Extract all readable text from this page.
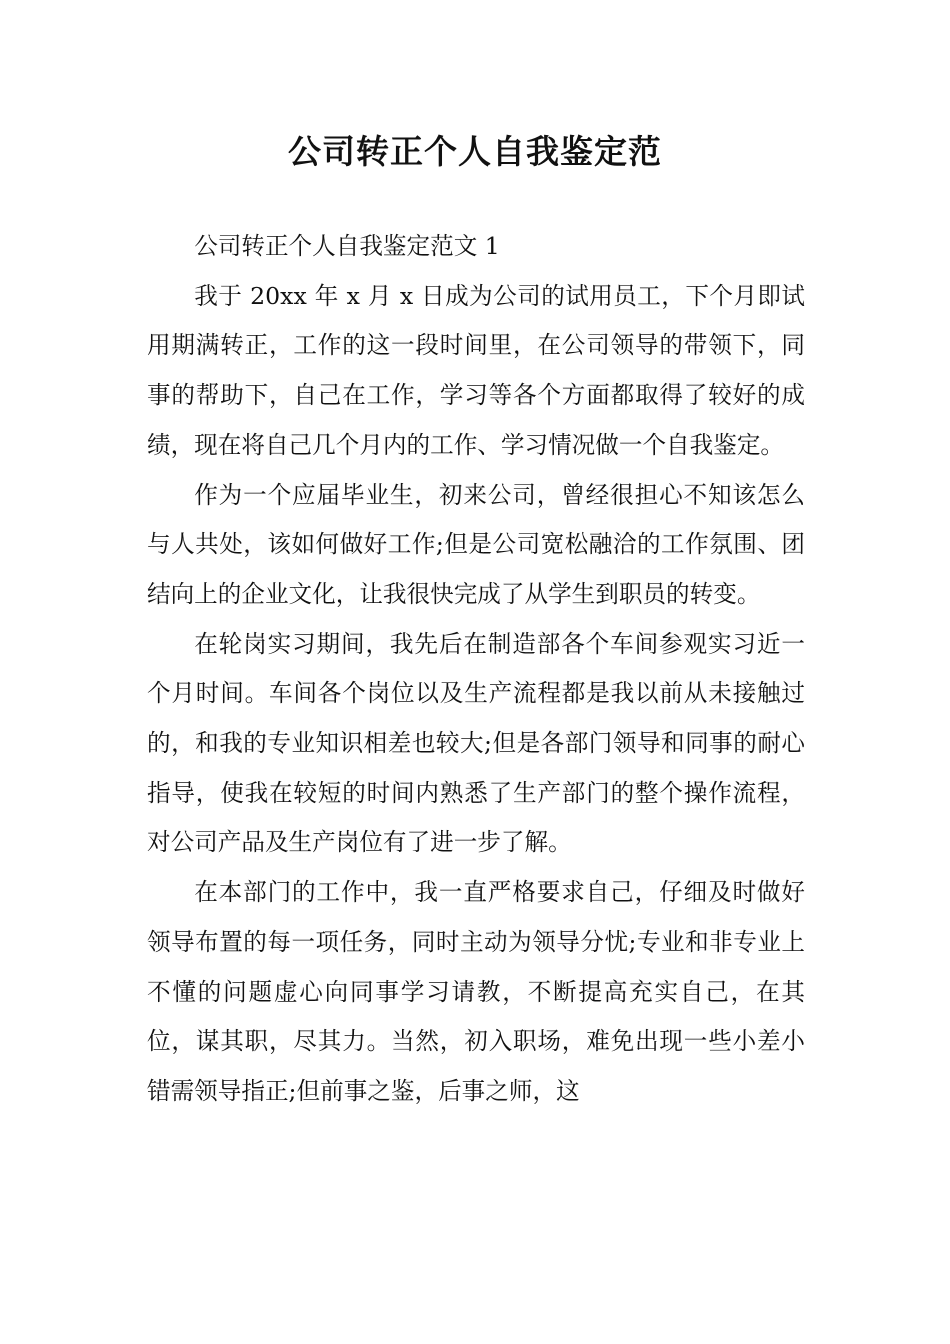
公司转正个人自我鉴定范

公司转正个人自我鉴定范文 1

我于 20xx 年 x 月 x 日成为公司的试用员工，下个月即试用期满转正，工作的这一段时间里，在公司领导的带领下，同事的帮助下，自己在工作，学习等各个方面都取得了较好的成绩，现在将自己几个月内的工作、学习情况做一个自我鉴定。

作为一个应届毕业生，初来公司，曾经很担心不知该怎么与人共处，该如何做好工作;但是公司宽松融洽的工作氛围、团结向上的企业文化，让我很快完成了从学生到职员的转变。

在轮岗实习期间，我先后在制造部各个车间参观实习近一个月时间。车间各个岗位以及生产流程都是我以前从未接触过的，和我的专业知识相差也较大;但是各部门领导和同事的耐心指导，使我在较短的时间内熟悉了生产部门的整个操作流程，对公司产品及生产岗位有了进一步了解。

在本部门的工作中，我一直严格要求自己，仔细及时做好领导布置的每一项任务，同时主动为领导分忧;专业和非专业上不懂的问题虚心向同事学习请教，不断提高充实自己，在其位，谋其职，尽其力。当然，初入职场，难免出现一些小差小错需领导指正;但前事之鉴，后事之师，这
